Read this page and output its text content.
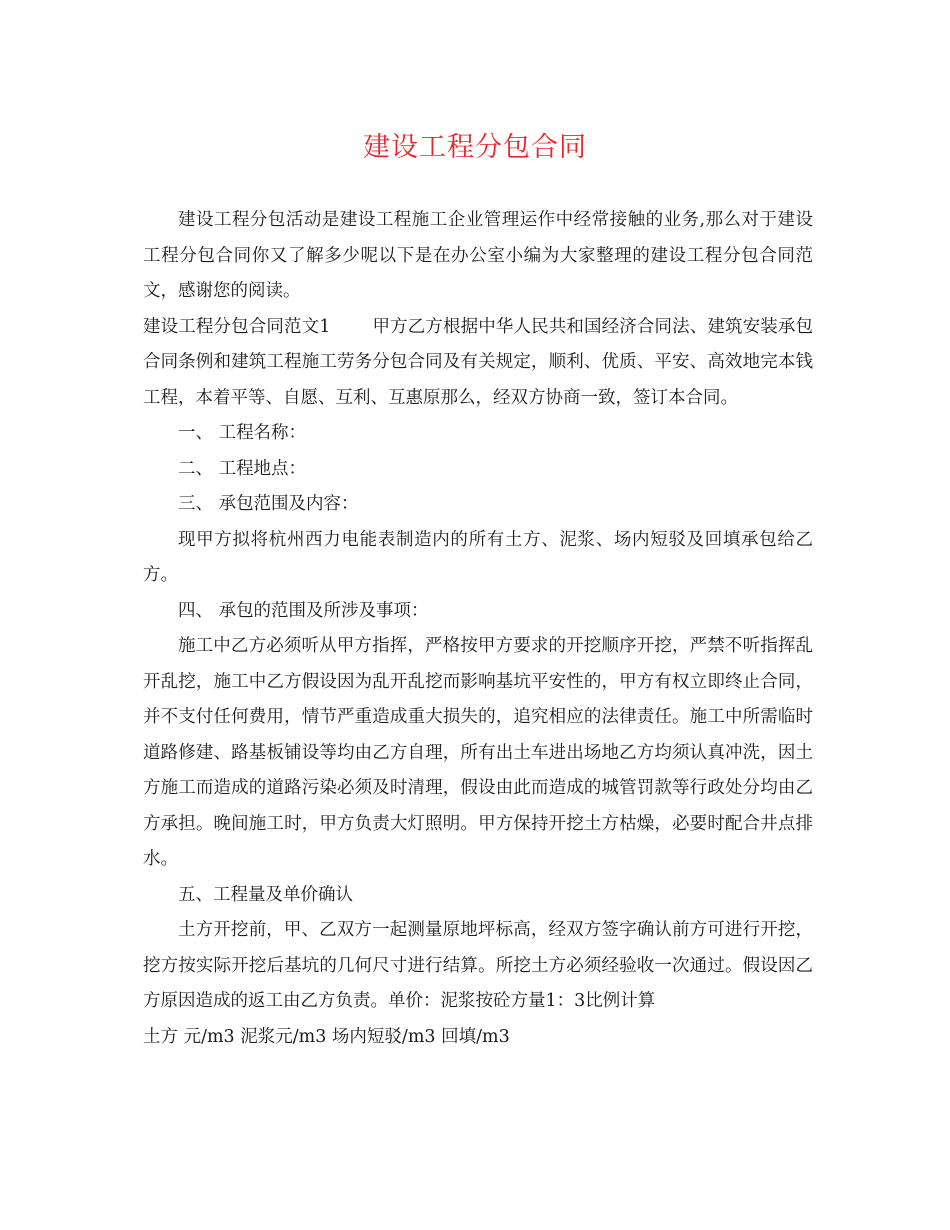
建设工程分包合同

建设工程分包活动是建设工程施工企业管理运作中经常接触的业务,那么对于建设工程分包合同你又了解多少呢以下是在办公室小编为大家整理的建设工程分包合同范文，感谢您的阅读。

建设工程分包合同范文1 甲方乙方根据中华人民共和国经济合同法、建筑安装承包合同条例和建筑工程施工劳务分包合同及有关规定，顺利、优质、平安、高效地完本钱工程，本着平等、自愿、互利、互惠原那么，经双方协商一致，签订本合同。

一、 工程名称：

二、 工程地点：

三、 承包范围及内容：

现甲方拟将杭州西力电能表制造内的所有土方、泥浆、场内短驳及回填承包给乙方。

四、 承包的范围及所涉及事项：

施工中乙方必须听从甲方指挥，严格按甲方要求的开挖顺序开挖，严禁不听指挥乱开乱挖，施工中乙方假设因为乱开乱挖而影响基坑平安性的，甲方有权立即终止合同，并不支付任何费用，情节严重造成重大损失的，追究相应的法律责任。施工中所需临时道路修建、路基板铺设等均由乙方自理，所有出土车进出场地乙方均须认真冲洗，因土方施工而造成的道路污染必须及时清理，假设由此而造成的城管罚款等行政处分均由乙方承担。晚间施工时，甲方负责大灯照明。甲方保持开挖土方枯燥，必要时配合井点排水。

五、工程量及单价确认

土方开挖前，甲、乙双方一起测量原地坪标高，经双方签字确认前方可进行开挖，挖方按实际开挖后基坑的几何尺寸进行结算。所挖土方必须经验收一次通过。假设因乙方原因造成的返工由乙方负责。单价：泥浆按砼方量1：3比例计算

土方 元/m3 泥浆元/m3 场内短驳/m3 回填/m3
